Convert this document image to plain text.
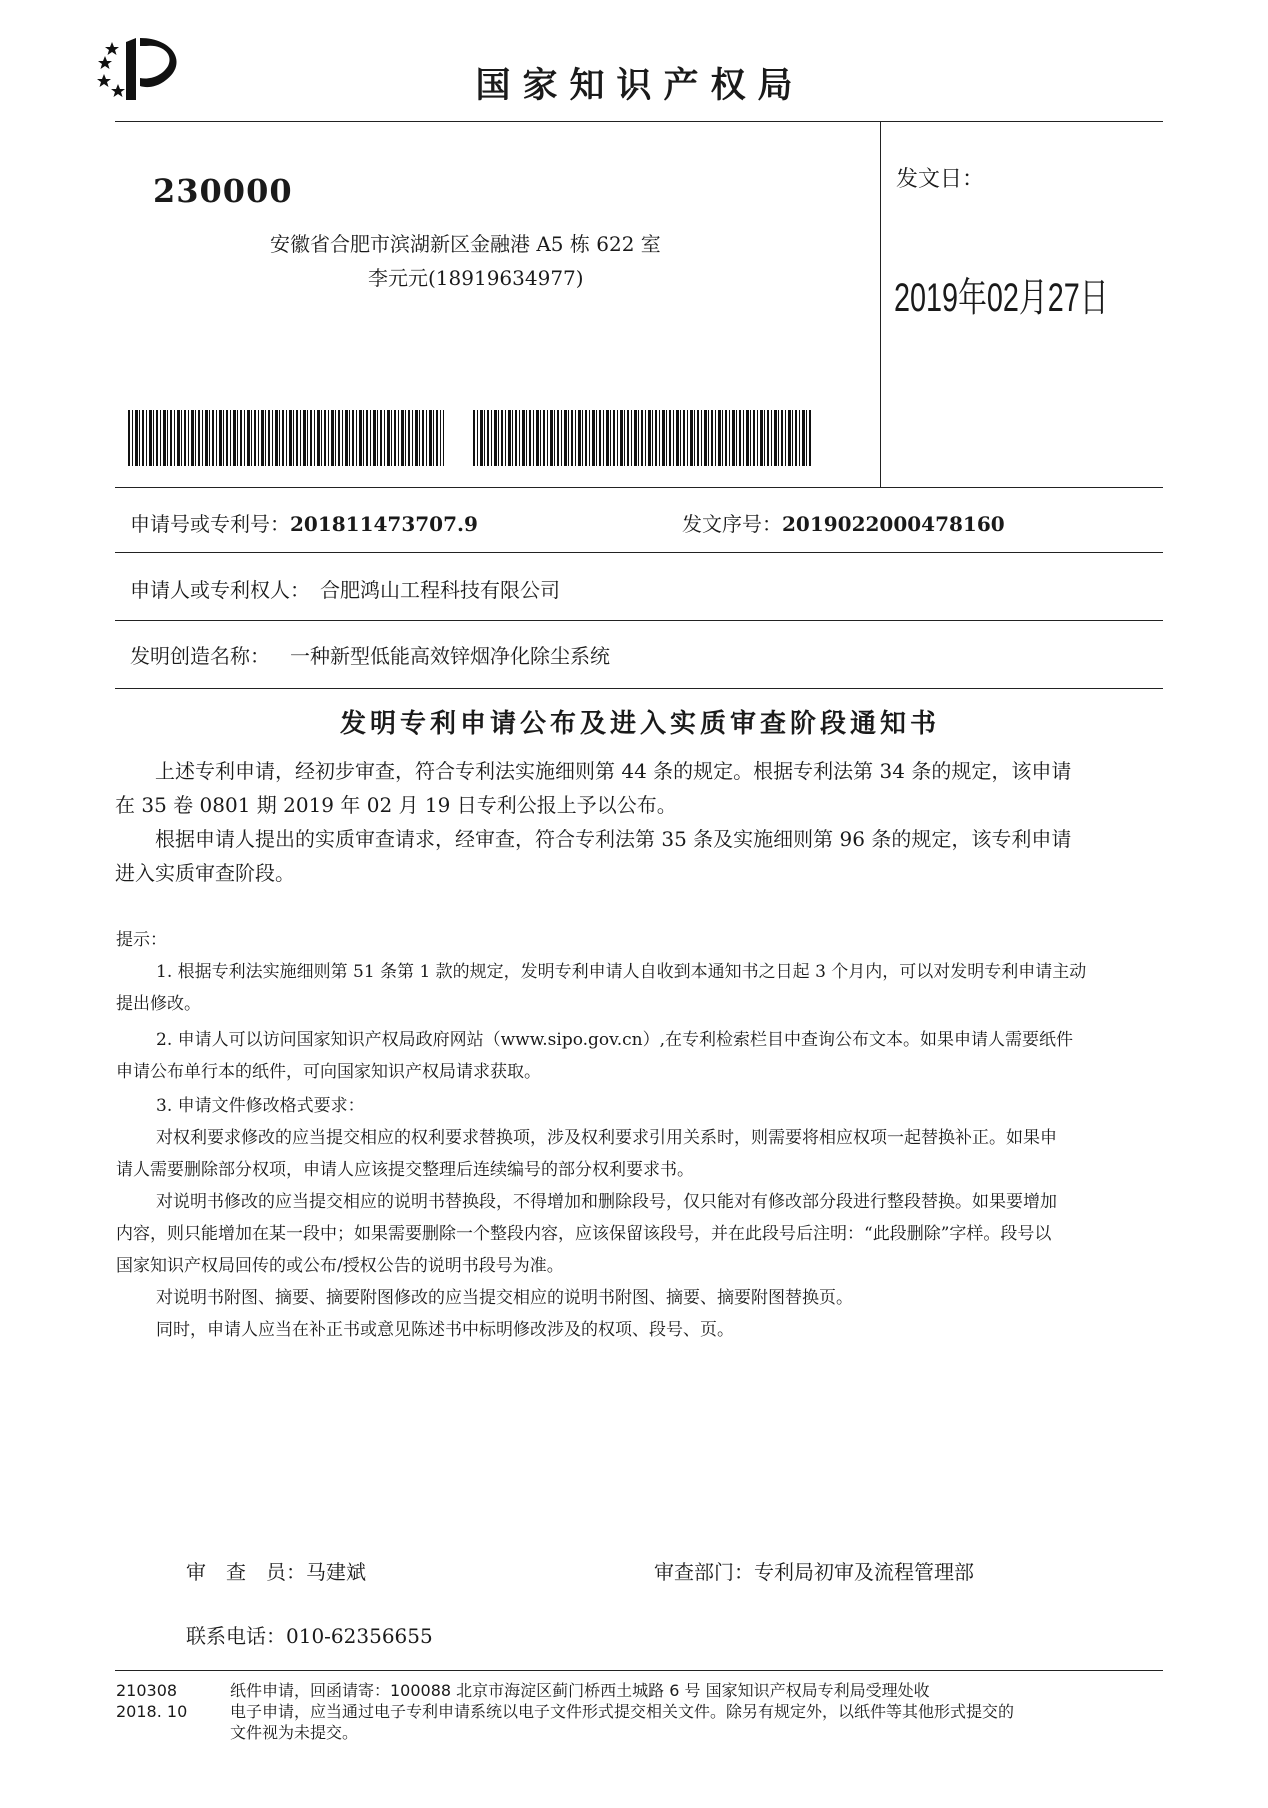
国家知识产权局
230000
安徽省合肥市滨湖新区金融港 A5 栋 622 室
李元元(18919634977)
发文日：
2019年02月27日
申请号或专利号：201811473707.9	发文序号：2019022000478160
申请人或专利权人： 合肥鸿山工程科技有限公司
发明创造名称： 一种新型低能高效锌烟净化除尘系统
发明专利申请公布及进入实质审查阶段通知书
上述专利申请，经初步审查，符合专利法实施细则第 44 条的规定。根据专利法第 34 条的规定，该申请
在 35 卷 0801 期 2019 年 02 月 19 日专利公报上予以公布。
根据申请人提出的实质审查请求，经审查，符合专利法第 35 条及实施细则第 96 条的规定，该专利申请
进入实质审查阶段。
提示：
1. 根据专利法实施细则第 51 条第 1 款的规定，发明专利申请人自收到本通知书之日起 3 个月内，可以对发明专利申请主动
提出修改。
2. 申请人可以访问国家知识产权局政府网站（www.sipo.gov.cn）,在专利检索栏目中查询公布文本。如果申请人需要纸件
申请公布单行本的纸件，可向国家知识产权局请求获取。
3. 申请文件修改格式要求：
对权利要求修改的应当提交相应的权利要求替换项，涉及权利要求引用关系时，则需要将相应权项一起替换补正。如果申
请人需要删除部分权项，申请人应该提交整理后连续编号的部分权利要求书。
对说明书修改的应当提交相应的说明书替换段，不得增加和删除段号，仅只能对有修改部分段进行整段替换。如果要增加
内容，则只能增加在某一段中；如果需要删除一个整段内容，应该保留该段号，并在此段号后注明：“此段删除”字样。段号以
国家知识产权局回传的或公布/授权公告的说明书段号为准。
对说明书附图、摘要、摘要附图修改的应当提交相应的说明书附图、摘要、摘要附图替换页。
同时，申请人应当在补正书或意见陈述书中标明修改涉及的权项、段号、页。
审　查　员：马建斌	审查部门：专利局初审及流程管理部
联系电话：010-62356655
210308
2018. 10
纸件申请，回函请寄：100088 北京市海淀区蓟门桥西土城路 6 号 国家知识产权局专利局受理处收
电子申请，应当通过电子专利申请系统以电子文件形式提交相关文件。除另有规定外，以纸件等其他形式提交的
文件视为未提交。
